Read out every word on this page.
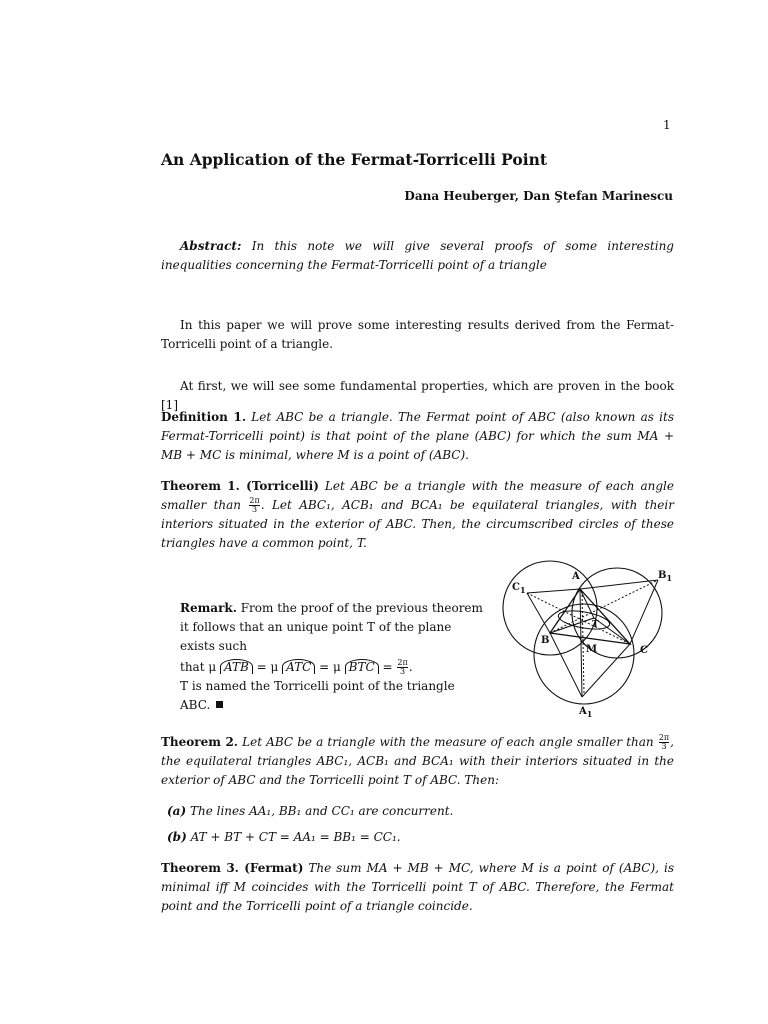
1
An Application of the Fermat-Torricelli Point
Dana Heuberger, Dan Ştefan Marinescu
Abstract: In this note we will give several proofs of some interesting inequalities concerning the Fermat-Torricelli point of a triangle
In this paper we will prove some interesting results derived from the Fermat-Torricelli point of a triangle.
At first, we will see some fundamental properties, which are proven in the book [1]
Definition 1. Let ABC be a triangle. The Fermat point of ABC (also known as its Fermat-Torricelli point) is that point of the plane (ABC) for which the sum MA + MB + MC is minimal, where M is a point of (ABC).
Theorem 1. (Torricelli) Let ABC be a triangle with the measure of each angle smaller than $\frac{2\pi}{3}$ . Let ABC₁, ACB₁ and BCA₁ be equilateral triangles, with their interiors situated in the exterior of ABC. Then, the circumscribed circles of these triangles have a common point, T.
Remark. From the proof of the previous theorem it follows that an unique point T of the plane exists such
that μ ATB = μ ATC = μ BTC = $\frac{2\pi}{3}$ .
T is named the Torricelli point of the triangle ABC.
A
B
C
M
T
$B_1$
$C_1$
$A_1$
Theorem 2. Let ABC be a triangle with the measure of each angle smaller than $\frac{2\pi}{3}$ , the equilateral triangles ABC₁, ACB₁ and BCA₁ with their interiors situated in the exterior of ABC and the Torricelli point T of ABC. Then:
(a) The lines AA₁, BB₁ and CC₁ are concurrent.
(b) AT + BT + CT = AA₁ = BB₁ = CC₁.
Theorem 3. (Fermat) The sum MA + MB + MC, where M is a point of (ABC), is minimal iff M coincides with the Torricelli point T of ABC. Therefore, the Fermat point and the Torricelli point of a triangle coincide.
